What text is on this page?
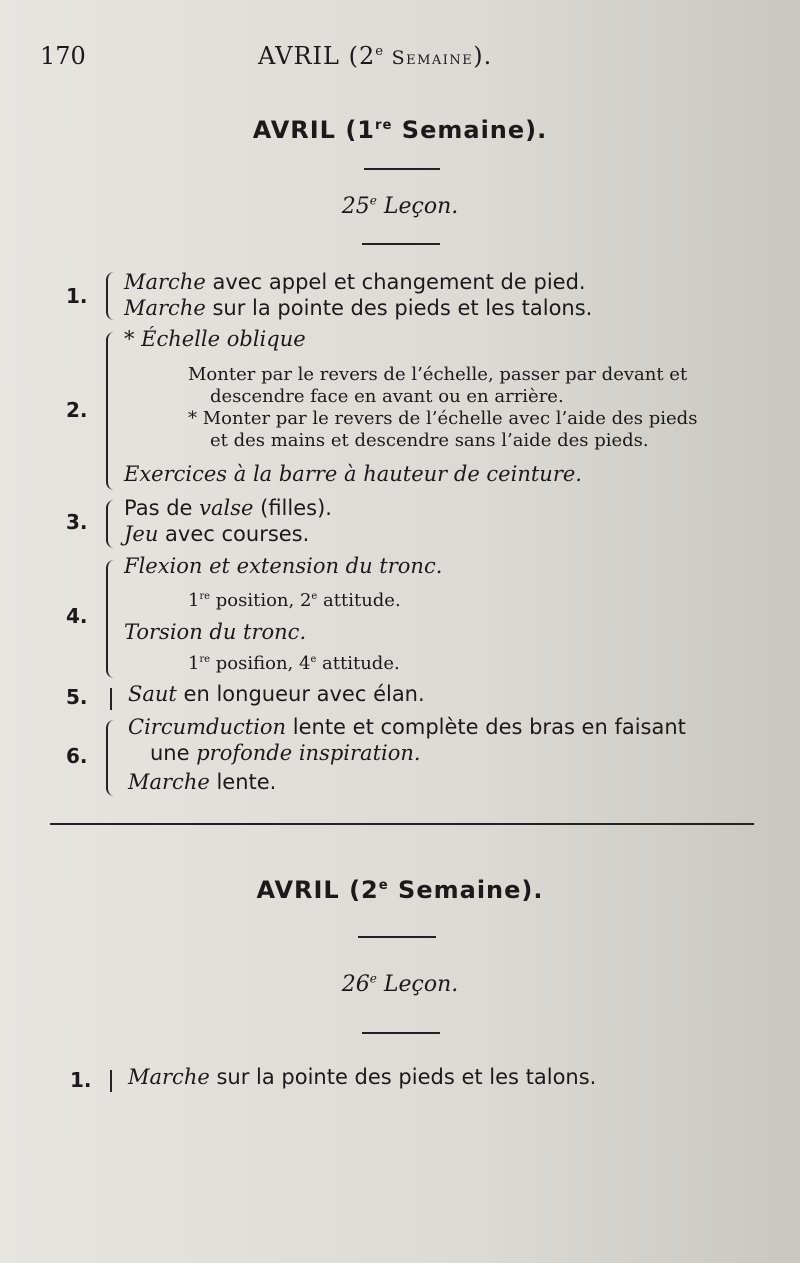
170	AVRIL (2e Semaine).
AVRIL (1re Semaine).
25e Leçon.
1.
Marche avec appel et changement de pied.
Marche sur la pointe des pieds et les talons.
2.
* Échelle oblique
Monter par le revers de l’échelle, passer par devant et
descendre face en avant ou en arrière.
* Monter par le revers de l’échelle avec l’aide des pieds
et des mains et descendre sans l’aide des pieds.
Exercices à la barre à hauteur de ceinture.
3.
Pas de valse (filles).
Jeu avec courses.
4.
Flexion et extension du tronc.
1re position, 2e attitude.
Torsion du tronc.
1re posifion, 4e attitude.
5. Saut en longueur avec élan.
6.
Circumduction lente et complète des bras en faisant
une profonde inspiration.
Marche lente.
AVRIL (2e Semaine).
26e Leçon.
1. Marche sur la pointe des pieds et les talons.
